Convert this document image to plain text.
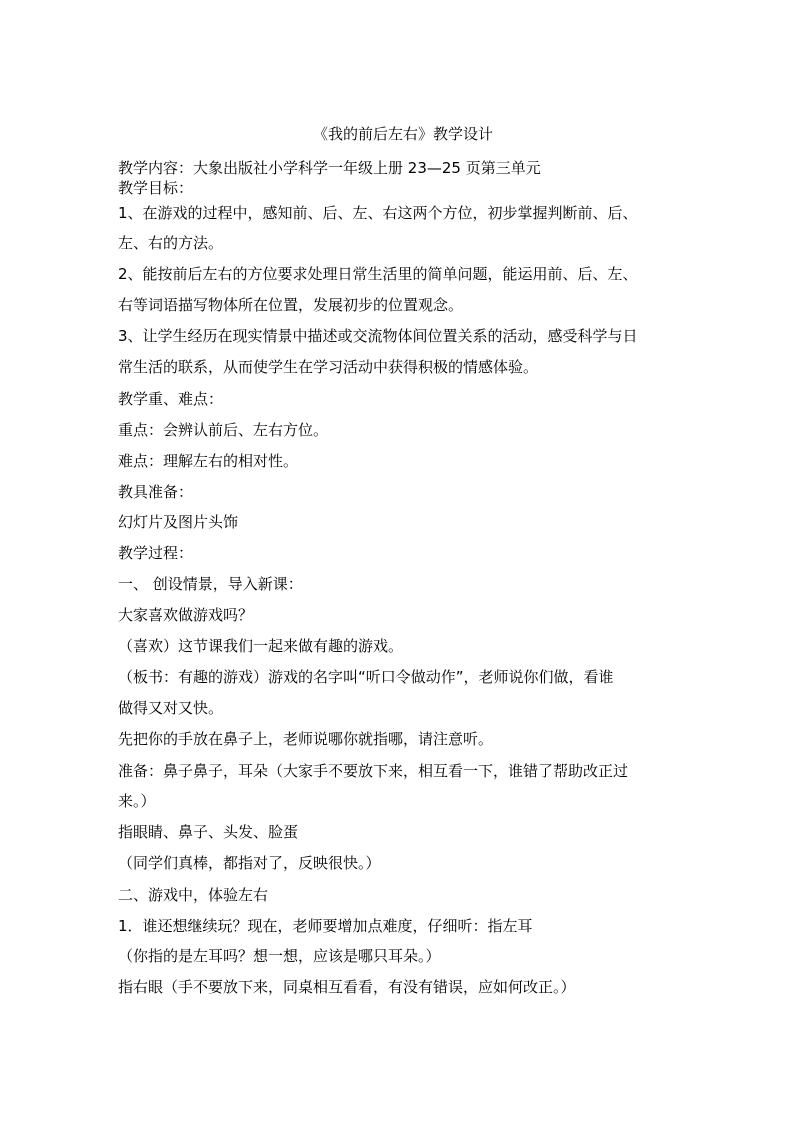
《我的前后左右》教学设计
教学内容：大象出版社小学科学一年级上册 23—25 页第三单元
教学目标：
1、在游戏的过程中，感知前、后、左、右这两个方位，初步掌握判断前、后、
左、右的方法。
2、能按前后左右的方位要求处理日常生活里的简单问题，能运用前、后、左、
右等词语描写物体所在位置，发展初步的位置观念。
3、让学生经历在现实情景中描述或交流物体间位置关系的活动，感受科学与日
常生活的联系，从而使学生在学习活动中获得积极的情感体验。
教学重、难点：
重点：会辨认前后、左右方位。
难点：理解左右的相对性。
教具准备：
幻灯片及图片头饰
教学过程：
一、 创设情景，导入新课：
大家喜欢做游戏吗？
（喜欢）这节课我们一起来做有趣的游戏。
（板书：有趣的游戏）游戏的名字叫“听口令做动作”，老师说你们做，看谁
做得又对又快。
先把你的手放在鼻子上，老师说哪你就指哪，请注意听。
准备：鼻子鼻子，耳朵（大家手不要放下来，相互看一下，谁错了帮助改正过
来。）
指眼睛、鼻子、头发、脸蛋
（同学们真棒，都指对了，反映很快。）
二、游戏中，体验左右
1．谁还想继续玩？现在，老师要增加点难度，仔细听：指左耳
（你指的是左耳吗？想一想，应该是哪只耳朵。）
指右眼（手不要放下来，同桌相互看看，有没有错误，应如何改正。）
